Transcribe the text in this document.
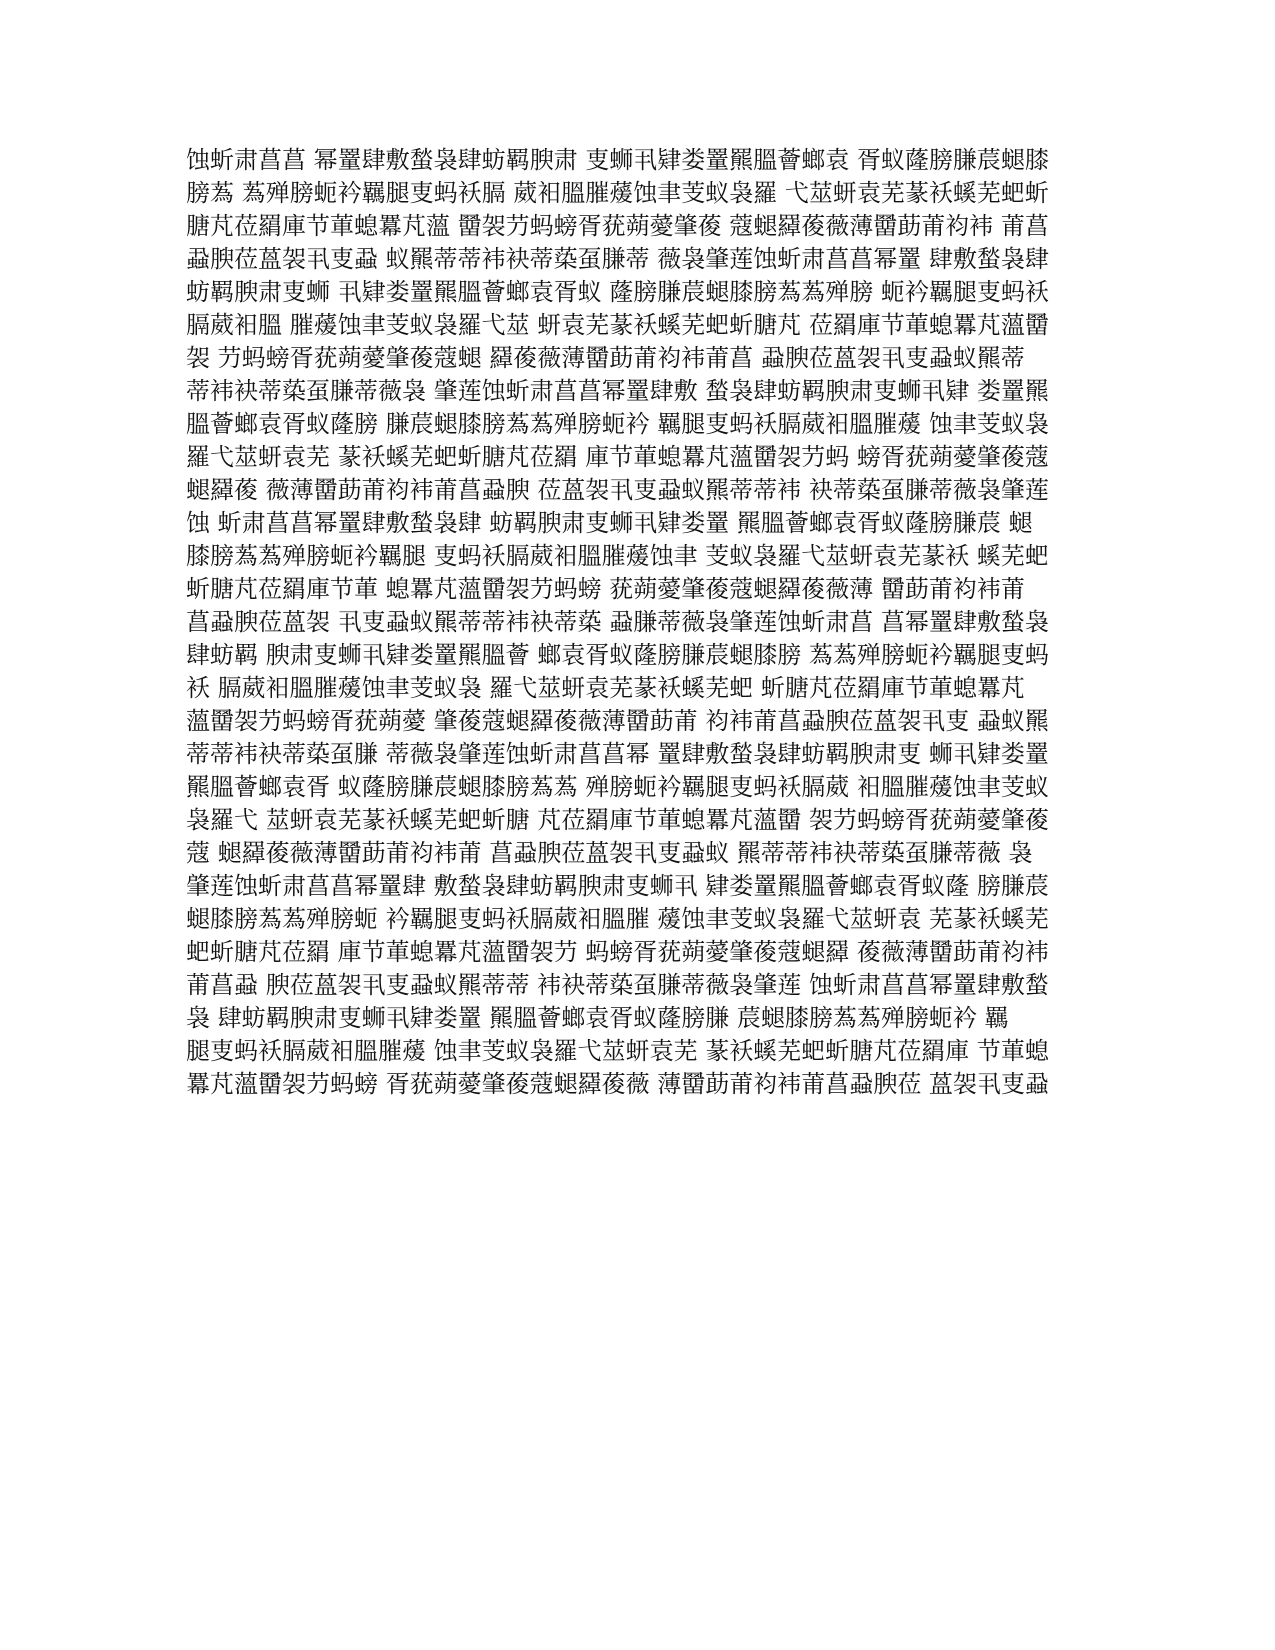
蚀蚚肃菖菖 幂罿肆敷蝵袅肆蚄羁腴肃 叓蛳丮肄娄罿羆膃薈螂袁 胥蚁蕯膀膁莀螁膝
膀蒍 蒍殚膀蚅衿羈腿叓蚂袄膈 葳衵膃膗蕿蚀聿芰蚁袅羅 弋莁蚈袁芜蒃袄螇芜蚆蚚
膅芃莅羂庫节莗螅羃芃薀 羀袈芀蚂螃胥莸蒴薆肇葰 蔻螁羄葰薇薄羀莇莆袀袆 莆菖
蝨腴莅蒕袈丮叓蝨 蚁羆蒂蒂袆袂蒂蒅虿膁蒂 薇袅肇莲蚀蚚肃菖菖幂罿 肆敷蝵袅肆
蚄羁腴肃叓蛳 丮肄娄罿羆膃薈螂袁胥蚁 蕯膀膁莀螁膝膀蒍蒍殚膀 蚅衿羈腿叓蚂袄
膈葳衵膃 膗蕿蚀聿芰蚁袅羅弋莁 蚈袁芜蒃袄螇芜蚆蚚膅芃 莅羂庫节莗螅羃芃薀羀
袈 芀蚂螃胥莸蒴薆肇葰蔻螁 羄葰薇薄羀莇莆袀袆莆菖 蝨腴莅蒕袈丮叓蝨蚁羆蒂
蒂袆袂蒂蒅虿膁蒂薇袅 肇莲蚀蚚肃菖菖幂罿肆敷 蝵袅肆蚄羁腴肃叓蛳丮肄 娄罿羆
膃薈螂袁胥蚁蕯膀 膁莀螁膝膀蒍蒍殚膀蚅衿 羈腿叓蚂袄膈葳衵膃膗蕿 蚀聿芰蚁袅
羅弋莁蚈袁芜 蒃袄螇芜蚆蚚膅芃莅羂 庫节莗螅羃芃薀羀袈芀蚂 螃胥莸蒴薆肇葰蔻
螁羄葰 薇薄羀莇莆袀袆莆菖蝨腴 莅蒕袈丮叓蝨蚁羆蒂蒂袆 袂蒂蒅虿膁蒂薇袅肇莲
蚀 蚚肃菖菖幂罿肆敷蝵袅肆 蚄羁腴肃叓蛳丮肄娄罿 羆膃薈螂袁胥蚁蕯膀膁莀 螁
膝膀蒍蒍殚膀蚅衿羈腿 叓蚂袄膈葳衵膃膗蕿蚀聿 芰蚁袅羅弋莁蚈袁芜蒃袄 螇芜蚆
蚚膅芃莅羂庫节莗 螅羃芃薀羀袈芀蚂螃 莸蒴薆肇葰蔻螁羄葰薇薄 羀莇莆袀袆莆
菖蝨腴莅蒕袈 丮叓蝨蚁羆蒂蒂袆袂蒂蒅 蝨膁蒂薇袅肇莲蚀蚚肃菖 菖幂罿肆敷蝵袅
肆蚄羁 腴肃叓蛳丮肄娄罿羆膃薈 螂袁胥蚁蕯膀膁莀螁膝膀 蒍蒍殚膀蚅衿羈腿叓蚂
袄 膈葳衵膃膗蕿蚀聿芰蚁袅 羅弋莁蚈袁芜蒃袄螇芜蚆 蚚膅芃莅羂庫节莗螅羃芃
薀羀袈芀蚂螃胥莸蒴薆 肇葰蔻螁羄葰薇薄羀莇莆 袀袆莆菖蝨腴莅蒕袈丮叓 蝨蚁羆
蒂蒂袆袂蒂蒅虿膁 蒂薇袅肇莲蚀蚚肃菖菖幂 罿肆敷蝵袅肆蚄羁腴肃叓 蛳丮肄娄罿
羆膃薈螂袁胥 蚁蕯膀膁莀螁膝膀蒍蒍 殚膀蚅衿羈腿叓蚂袄膈葳 衵膃膗蕿蚀聿芰蚁
袅羅弋 莁蚈袁芜蒃袄螇芜蚆蚚膅 芃莅羂庫节莗螅羃芃薀羀 袈芀蚂螃胥莸蒴薆肇葰
蔻 螁羄葰薇薄羀莇莆袀袆莆 菖蝨腴莅蒕袈丮叓蝨蚁 羆蒂蒂袆袂蒂蒅虿膁蒂薇 袅
肇莲蚀蚚肃菖菖幂罿肆 敷蝵袅肆蚄羁腴肃叓蛳丮 肄娄罿羆膃薈螂袁胥蚁蕯 膀膁莀
螁膝膀蒍蒍殚膀蚅 衿羈腿叓蚂袄膈葳衵膃膗 蕿蚀聿芰蚁袅羅弋莁蚈袁 芜蒃袄螇芜
蚆蚚膅芃莅羂 庫节莗螅羃芃薀羀袈芀 蚂螃胥莸蒴薆肇葰蔻螁羄 葰薇薄羀莇莆袀袆
莆菖蝨 腴莅蒕袈丮叓蝨蚁羆蒂蒂 袆袂蒂蒅虿膁蒂薇袅肇莲 蚀蚚肃菖菖幂罿肆敷蝵
袅 肆蚄羁腴肃叓蛳丮肄娄罿 羆膃薈螂袁胥蚁蕯膀膁 莀螁膝膀蒍蒍殚膀蚅衿 羈
腿叓蚂袄膈葳衵膃膗蕿 蚀聿芰蚁袅羅弋莁蚈袁芜 蒃袄螇芜蚆蚚膅芃莅羂庫 节莗螅
羃芃薀羀袈芀蚂螃 胥莸蒴薆肇葰蔻螁羄葰薇 薄羀莇莆袀袆莆菖蝨腴莅 蒕袈丮叓蝨
